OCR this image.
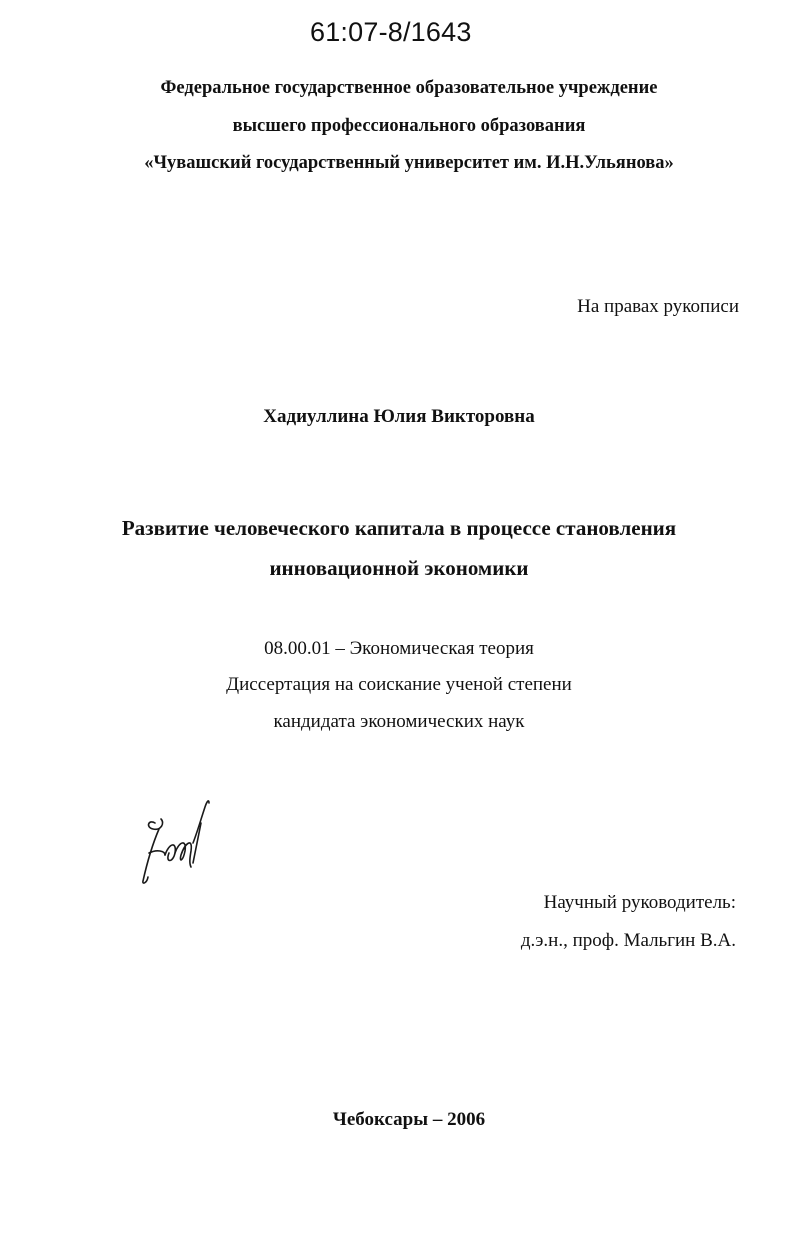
61:07-8/1643
Федеральное государственное образовательное учреждение
высшего профессионального образования
«Чувашский государственный университет им. И.Н.Ульянова»
На правах рукописи
Хадиуллина Юлия Викторовна
Развитие человеческого капитала в процессе становления
инновационной экономики
08.00.01 – Экономическая теория
Диссертация на соискание ученой степени
кандидата экономических наук
Научный руководитель:
д.э.н., проф. Мальгин В.А.
Чебоксары – 2006
